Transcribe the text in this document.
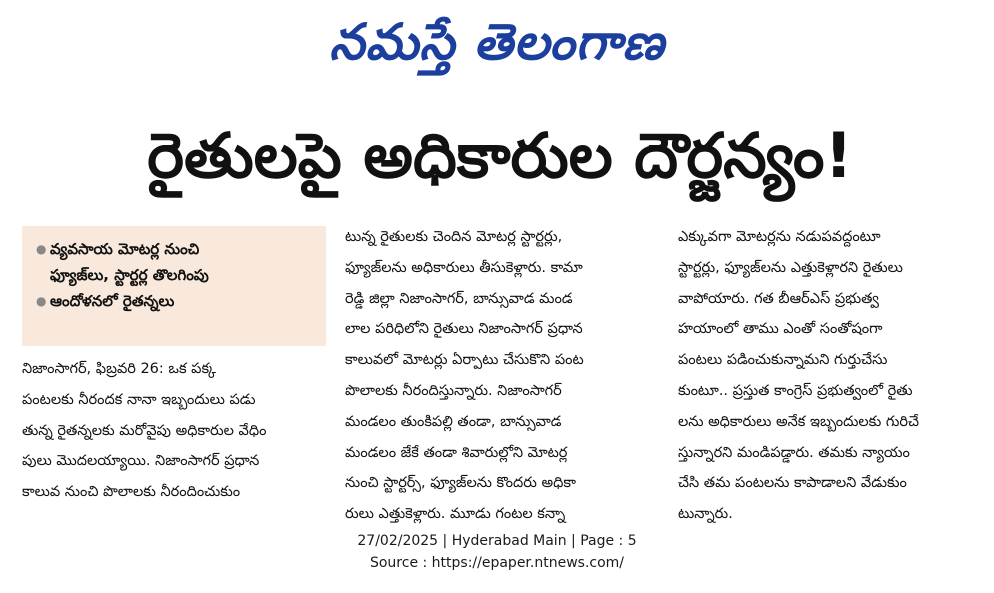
నమస్తే తెలంగాణ
రైతులపై అధికారుల దౌర్జన్యం!
● వ్యవసాయ మోటర్ల నుంచి
ఫ్యూజ్‌లు, స్టార్టర్ల తొలగింపు
● ఆందోళనలో రైతన్నలు

నిజాంసాగర్, ఫిబ్రవరి 26: ఒక పక్క

పంటలకు నీరందక నానా ఇబ్బందులు పడు

తున్న రైతన్నలకు మరోవైపు అధికారుల వేధిం

పులు మొదలయ్యాయి. నిజాంసాగర్ ప్రధాన

కాలువ నుంచి పొలాలకు నీరందించుకుం

టున్న రైతులకు చెందిన మోటర్ల స్టార్టర్లు,

ఫ్యూజ్‌లను అధికారులు తీసుకెళ్లారు. కామా

రెడ్డి జిల్లా నిజాంసాగర్, బాన్సువాడ మండ

లాల పరిధిలోని రైతులు నిజాంసాగర్ ప్రధాన

కాలువలో మోటర్లు ఏర్పాటు చేసుకొని పంట

పొలాలకు నీరందిస్తున్నారు. నిజాంసాగర్

మండలం తుంకిపల్లి తండా, బాన్సువాడ

మండలం జేకే తండా శివారుల్లోని మోటర్ల

నుంచి స్టార్టర్స్, ఫ్యూజ్‌లను కొందరు అధికా

రులు ఎత్తుకెళ్లారు. మూడు గంటల కన్నా

ఎక్కువగా మోటర్లను నడుపవద్దంటూ

స్టార్టర్లు, ఫ్యూజ్‌లను ఎత్తుకెళ్లారని రైతులు

వాపోయారు. గత బీఆర్‌ఎస్ ప్రభుత్వ

హయాంలో తాము ఎంతో సంతోషంగా

పంటలు పడించుకున్నామని గుర్తుచేసు

కుంటూ.. ప్రస్తుత కాంగ్రెస్ ప్రభుత్వంలో రైతు

లను అధికారులు అనేక ఇబ్బందులకు గురిచే

స్తున్నారని మండిపడ్డారు. తమకు న్యాయం

చేసి తమ పంటలను కాపాడాలని వేడుకుం

టున్నారు.

27/02/2025 | Hyderabad Main | Page : 5
Source : https://epaper.ntnews.com/
